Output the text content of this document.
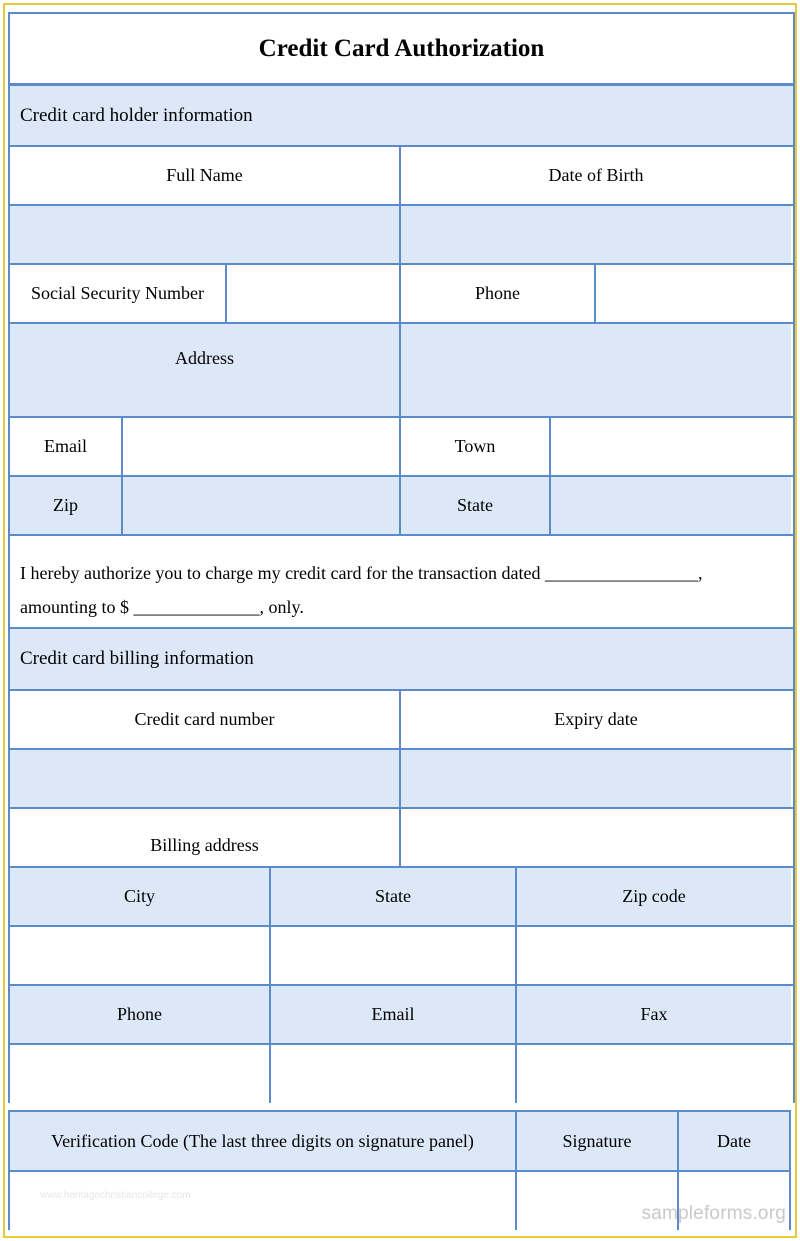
Credit Card Authorization
Credit card holder information
Full Name	Date of Birth
Social Security Number	Phone
Address
Email	Town
Zip	State
I hereby authorize you to charge my credit card for the transaction dated _________________,
amounting to $ ______________, only.
Credit card billing information
Credit card number	Expiry date
Billing address
City	State	Zip code
Phone	Email	Fax
Verification Code (The last three digits on signature panel)	Signature	Date
www.heritagechristiancollege.com
sampleforms.org
